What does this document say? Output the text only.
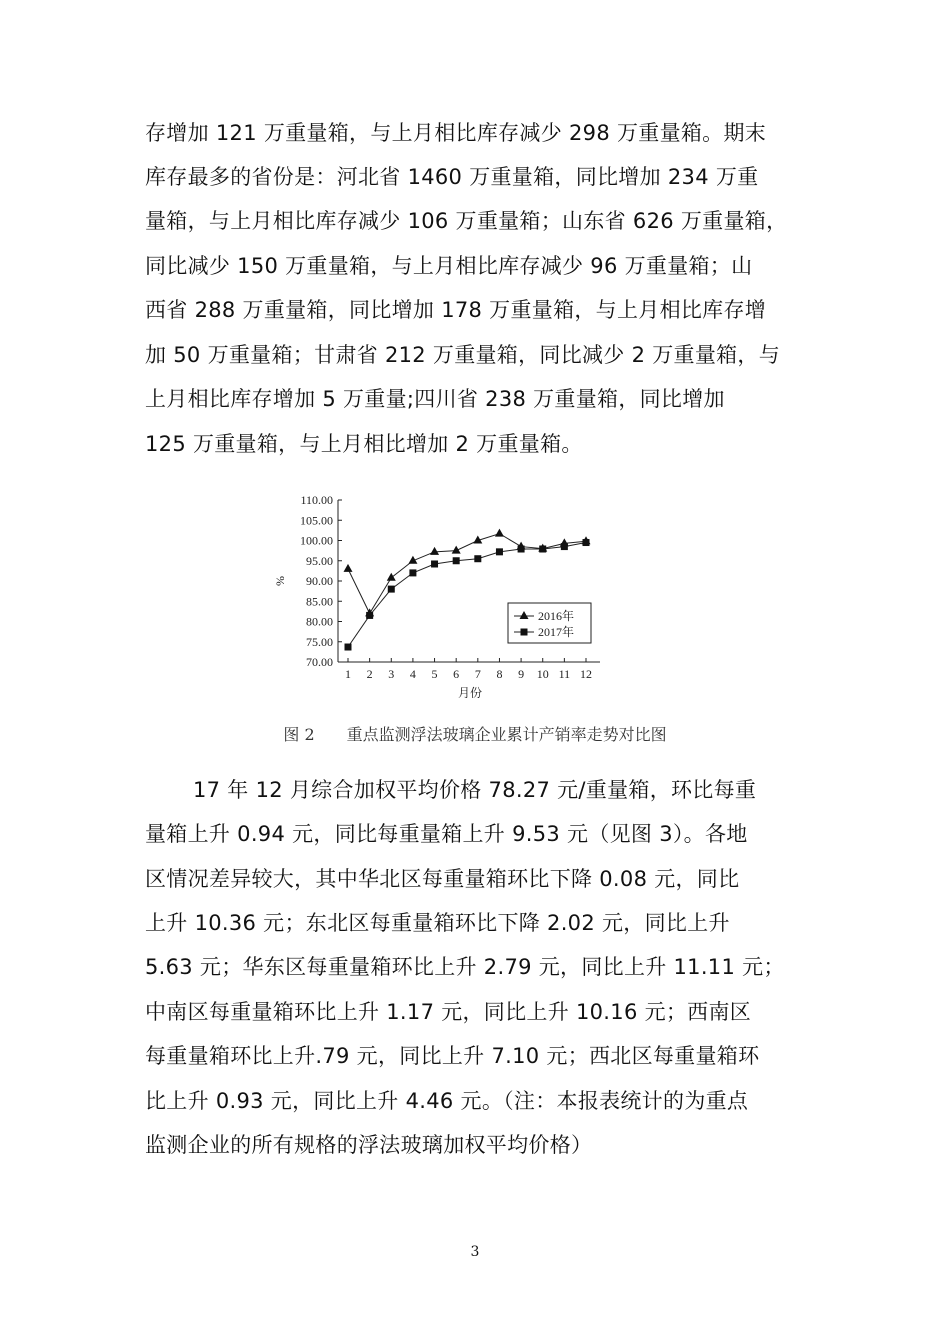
存增加 121 万重量箱，与上月相比库存减少 298 万重量箱。期末
库存最多的省份是：河北省 1460 万重量箱，同比增加 234 万重
量箱，与上月相比库存减少 106 万重量箱；山东省 626 万重量箱，
同比减少 150 万重量箱，与上月相比库存减少 96 万重量箱；山
西省 288 万重量箱，同比增加 178 万重量箱，与上月相比库存增
加 50 万重量箱；甘肃省 212 万重量箱，同比减少 2 万重量箱，与
上月相比库存增加 5 万重量;四川省 238 万重量箱，同比增加
125 万重量箱，与上月相比增加 2 万重量箱。
70.00
75.00
80.00
85.00
90.00
95.00
100.00
105.00
110.00
1 2 3 4 5 6 7 8 9 10 11 12
月份
%
2016年
2017年
图 2　　重点监测浮法玻璃企业累计产销率走势对比图
17 年 12 月综合加权平均价格 78.27 元/重量箱，环比每重
量箱上升 0.94 元，同比每重量箱上升 9.53 元（见图 3）。各地
区情况差异较大，其中华北区每重量箱环比下降 0.08 元，同比
上升 10.36 元；东北区每重量箱环比下降 2.02 元，同比上升
5.63 元；华东区每重量箱环比上升 2.79 元，同比上升 11.11 元；
中南区每重量箱环比上升 1.17 元，同比上升 10.16 元；西南区
每重量箱环比上升.79 元，同比上升 7.10 元；西北区每重量箱环
比上升 0.93 元，同比上升 4.46 元。（注：本报表统计的为重点
监测企业的所有规格的浮法玻璃加权平均价格）
3
